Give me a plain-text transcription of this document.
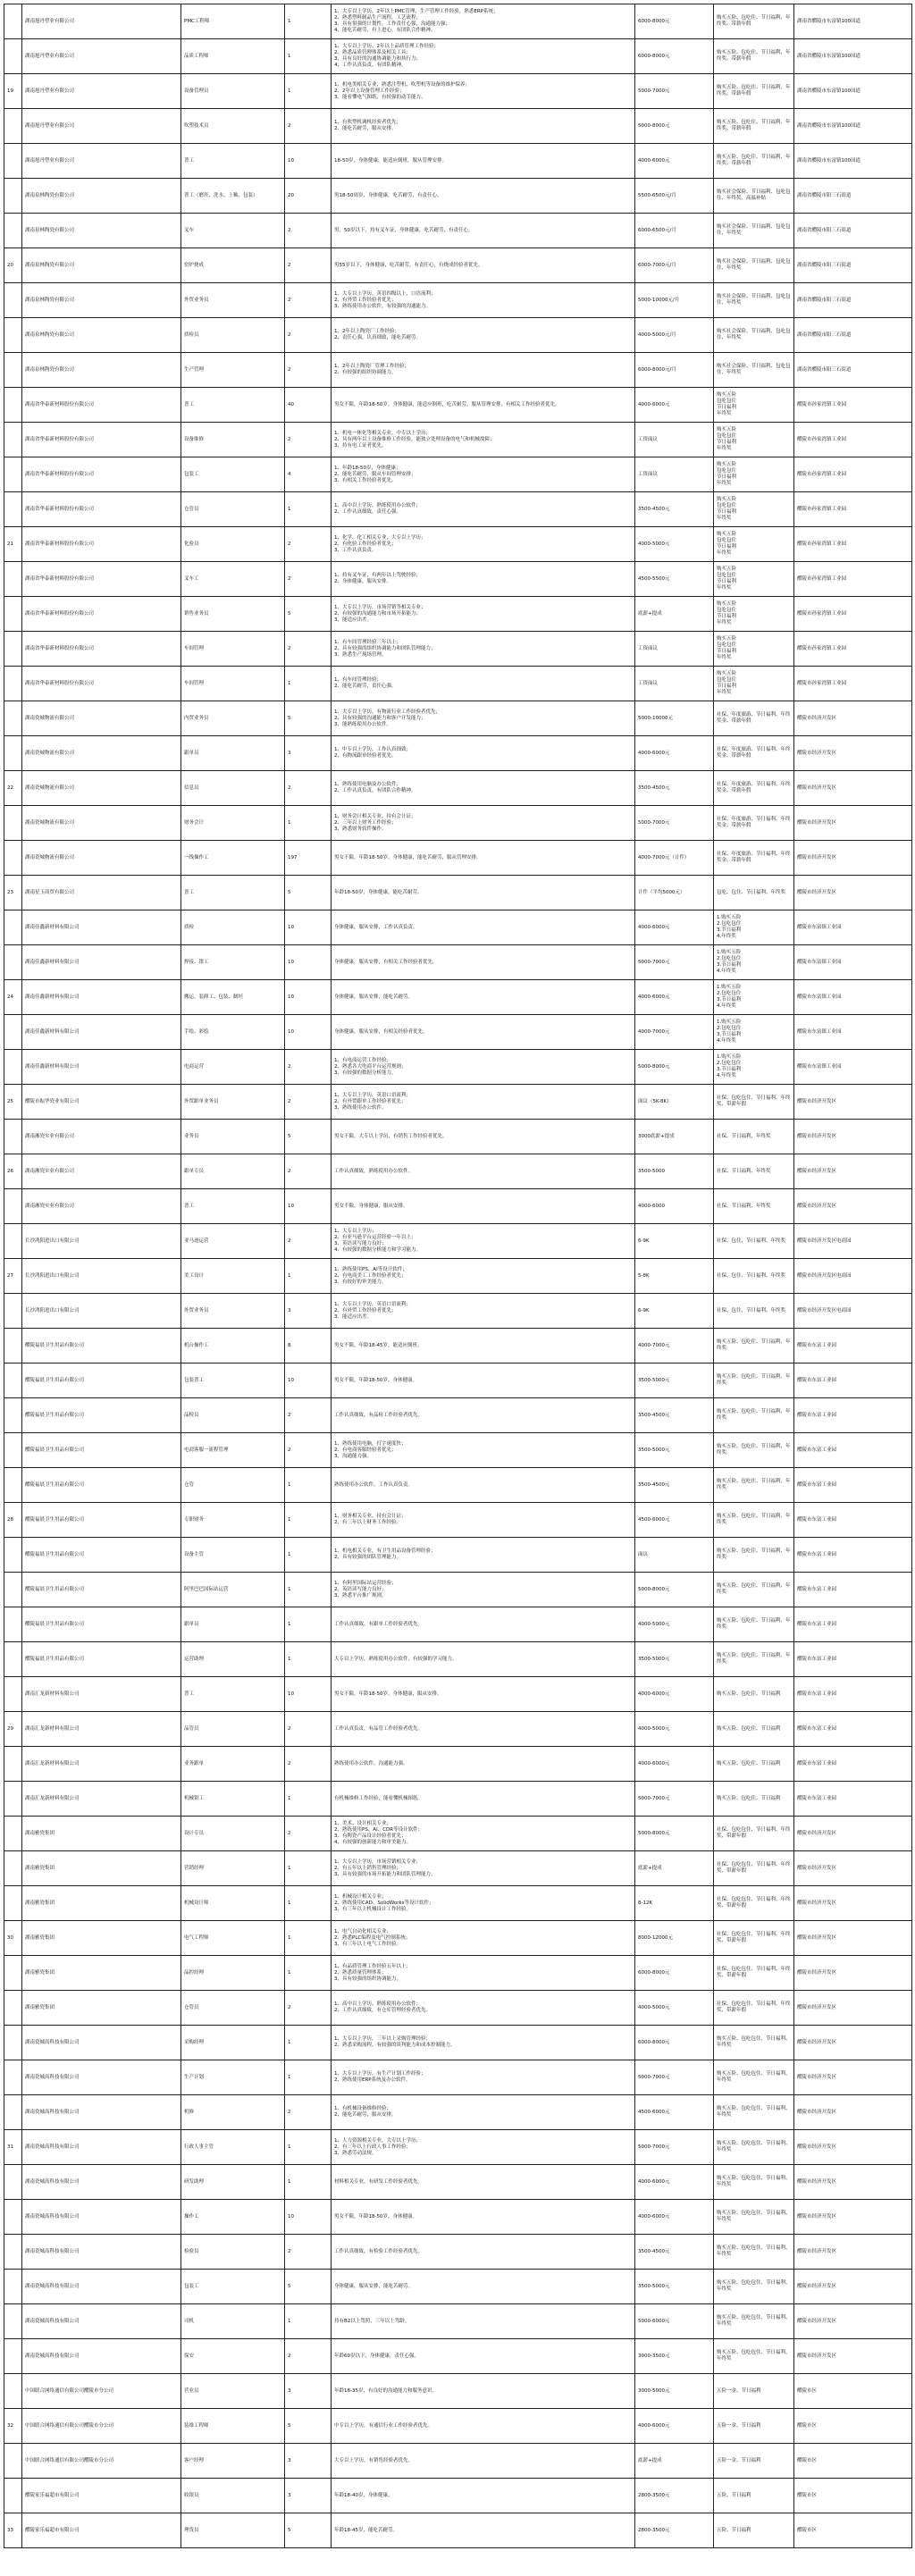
	湖南旭丹塑业有限公司	PMC工程师	1	1、大专以上学历，2年以上PMC管理、生产管理工作经验，熟悉ERP系统；
2、熟悉塑料制品生产流程、工艺流程；
3、具有很强的计划性，工作责任心强，沟通能力强；
4、能吃苦耐劳，有上进心，有团队合作精神。	6000-8000元	购买五险、包吃住、节日福利、年终奖、带薪年假	湖南省醴陵市东富镇100国道
	湖南旭丹塑业有限公司	品质工程师	1	1、大专以上学历，2年以上品质管理工作经验；
2、熟悉品质管理体系及相关工具；
3、具有良好的沟通协调能力和执行力；
4、工作认真负责，有团队精神。	6000-8000元	购买五险、包吃住、节日福利、年终奖、带薪年假	湖南省醴陵市东富镇100国道
19	湖南旭丹塑业有限公司	设备管理员	1	1、机电类相关专业，熟悉注塑机、吹塑机等设备的维护保养；
2、2年以上设备管理工作经验；
3、能看懂电气图纸，有较强的动手能力。	5000-7000元	购买五险、包吃住、节日福利、年终奖、带薪年假	湖南省醴陵市东富镇100国道
	湖南旭丹塑业有限公司	吹塑技术员	2	1、有吹塑机调机经验者优先；
2、能吃苦耐劳，服从安排。	5000-8000元	购买五险、包吃住、节日福利、年终奖、带薪年假	湖南省醴陵市东富镇100国道
	湖南旭丹塑业有限公司	普工	10	18-50岁，身体健康，能适应倒班，服从管理安排。	4000-6000元	购买五险、包吃住、节日福利、年终奖、带薪年假	湖南省醴陵市东富镇100国道
	湖南泉林陶瓷有限公司	普工（磨坯、洗水、上釉、包装）	20	男18-50周岁，身体健康，吃苦耐劳，有责任心。	5500-6500元/月	购买社会保险、节日福利、包吃包住、年终奖、高温补贴	湖南省醴陵市阳三石街道
	湖南泉林陶瓷有限公司	叉车	2	男，50岁以下，持有叉车证，身体健康，吃苦耐劳，有责任心。	6000-6500元/月	购买社会保险、节日福利、包吃包住、年终奖	湖南省醴陵市阳三石街道
20	湖南泉林陶瓷有限公司	窑炉烧成	2	男55岁以下，身体健康，吃苦耐劳，有责任心，有烧成经验者优先。	6000-7000元/月	购买社会保险、节日福利、包吃包住、年终奖	湖南省醴陵市阳三石街道
	湖南泉林陶瓷有限公司	外贸业务员	2	1、大专以上学历，英语四级以上，口语流利；
2、有外贸工作经验者优先；
3、熟练使用办公软件，有较强的沟通能力。	5000-10000元/月	购买社会保险、节日福利、包吃包住、年终奖	湖南省醴陵市阳三石街道
	湖南泉林陶瓷有限公司	质检员	2	1、2年以上陶瓷厂工作经验；
2、责任心强，认真细致，能吃苦耐劳。	4000-5000元/月	购买社会保险、节日福利、包吃包住、年终奖	湖南省醴陵市阳三石街道
	湖南泉林陶瓷有限公司	生产管理	2	1、2年以上陶瓷厂管理工作经验；
2、有较强的组织协调能力。	6000-8000元/月	购买社会保险、节日福利、包吃包住、年终奖	湖南省醴陵市阳三石街道
	湖南省华泰新材料股份有限公司	普工	40	男女不限，年龄18-50岁，身体健康，能适应倒班，吃苦耐劳，服从管理安排，有相关工作经验者优先。	4000-6000元	购买五险
包吃包住
节日福利
年终奖	醴陵市孙家湾镇工业园
	湖南省华泰新材料股份有限公司	设备维修	2	1、机电一体化等相关专业，中专以上学历；
2、具有两年以上设备维修工作经验，能独立处理设备的电气和机械故障；
3、持有电工证者优先。	工资面议	购买五险
包吃包住
节日福利
年终奖	醴陵市孙家湾镇工业园
	湖南省华泰新材料股份有限公司	包装工	4	1、年龄18-50岁，身体健康；
2、能吃苦耐劳，服从车间管理安排；
3、有相关工作经验者优先。	工资面议	购买五险
包吃包住
节日福利
年终奖	醴陵市孙家湾镇工业园
	湖南省华泰新材料股份有限公司	仓管员	1	1、高中以上学历，熟练使用办公软件；
2、工作认真细致，责任心强。	3500-4500元	购买五险
包吃包住
节日福利
年终奖	醴陵市孙家湾镇工业园
21	湖南省华泰新材料股份有限公司	化验员	2	1、化学、化工相关专业，大专以上学历；
2、有化验工作经验者优先；
3、工作认真负责。	4000-5000元	购买五险
包吃包住
节日福利
年终奖	醴陵市孙家湾镇工业园
	湖南省华泰新材料股份有限公司	叉车工	2	1、持有叉车证，有两年以上驾驶经验；
2、身体健康，服从安排。	4500-5500元	购买五险
包吃包住
节日福利
年终奖	醴陵市孙家湾镇工业园
	湖南省华泰新材料股份有限公司	销售业务员	5	1、大专以上学历，市场营销等相关专业；
2、有较强的沟通能力和市场开拓能力；
3、能适应出差。	底薪+提成	购买五险
包吃包住
节日福利
年终奖	醴陵市孙家湾镇工业园
	湖南省华泰新材料股份有限公司	车间管理	2	1、有车间管理经验三年以上；
2、具有较强的组织协调能力和团队管理能力；
3、熟悉生产现场管理。	工资面议	购买五险
包吃包住
节日福利
年终奖	醴陵市孙家湾镇工业园
	湖南省华泰新材料股份有限公司	车间管理	1	1、有车间管理经验；
2、能吃苦耐劳，责任心强。	工资面议	购买五险
包吃包住
节日福利
年终奖	醴陵市孙家湾镇工业园
	湖南瓷城物流有限公司	内贸业务员	5	1、大专以上学历，有物流行业工作经验者优先；
2、具有较强的沟通能力和客户开发能力；
3、能熟练使用办公软件。	5000-10000元	社保、年度旅游、节日福利、年终奖金、带薪年假	醴陵市经济开发区
	湖南瓷城物流有限公司	跟单员	3	1、中专以上学历，工作认真细致；
2、有物流跟单经验者优先。	4000-6000元	社保、年度旅游、节日福利、年终奖金、带薪年假	醴陵市经济开发区
22	湖南瓷城物流有限公司	信息员	2	1、熟练使用电脑及办公软件；
2、工作认真负责，有团队合作精神。	3500-4500元	社保、年度旅游、节日福利、年终奖金、带薪年假	醴陵市经济开发区
	湖南瓷城物流有限公司	财务会计	1	1、财务会计相关专业，持有会计证；
2、三年以上财务工作经验；
3、熟悉财务软件操作。	5000-7000元	社保、年度旅游、节日福利、年终奖金、带薪年假	醴陵市经济开发区
	湖南瓷城物流有限公司	一线操作工	197	男女不限，年龄18-50岁，身体健康，能吃苦耐劳，服从管理安排。	4000-7000元（计件）	社保、年度旅游、节日福利、年终奖金、带薪年假	醴陵市经济开发区
23	湖南星玉商贸有限公司	普工	5	年龄18-50岁，身体健康，能吃苦耐劳。	计件（平均5000元）	包吃、包住、节日福利、年终奖	醴陵市经济开发区
	湖南佳鑫新材料有限公司	质检	10	身体健康，服从安排，工作认真负责。	4000-6000元	1.购买五险
2.包吃包住
3.节日福利
4.年终奖	醴陵市东富镇工业园
	湖南佳鑫新材料有限公司	焊接、钳工	10	身体健康，服从安排，有相关工作经验者优先。	5000-7000元	1.购买五险
2.包吃包住
3.节日福利
4.年终奖	醴陵市东富镇工业园
24	湖南佳鑫新材料有限公司	搬运、装卸工、包装、制坯	10	身体健康，服从安排，能吃苦耐劳。	4000-6000元	1.购买五险
2.包吃包住
3.节日福利
4.年终奖	醴陵市东富镇工业园
	湖南佳鑫新材料有限公司	手绘、彩绘	10	身体健康，服从安排，有相关经验者优先。	4000-7000元	1.购买五险
2.包吃包住
3.节日福利
4.年终奖	醴陵市东富镇工业园
	湖南佳鑫新材料有限公司	电商运营	2	1、有电商运营工作经验；
2、熟悉各大电商平台运营规则；
3、有较强的数据分析能力。	5000-8000元	1.购买五险
2.包吃包住
3.节日福利
4.年终奖	醴陵市东富镇工业园
25	醴陵市振华瓷业有限公司	外贸跟单业务员	2	1、大专以上学历，英语口语流利；
2、有外贸跟单工作经验者优先；
3、熟练使用办公软件。	面议（5K-8K）	社保、包吃包住、节日福利、年终奖、带薪年假	醴陵市经济开发区
	湖南湘瓷实业有限公司	业务员	5	男女不限，大专以上学历，有销售工作经验者优先。	3000底薪+提成	社保、节日福利、年终奖	醴陵市经济开发区
26	湖南湘瓷实业有限公司	跟单专员	2	工作认真细致，熟练使用办公软件。	3500-5000	社保、节日福利、年终奖	醴陵市经济开发区
	湖南湘瓷实业有限公司	普工	10	男女不限，身体健康，服从安排。	4000-6000	社保、节日福利、年终奖	醴陵市经济开发区
	长沙鸿阳进出口有限公司	亚马逊运营	2	1、大专以上学历；
2、有亚马逊平台运营经验一年以上；
3、英语读写能力良好；
4、有较强的数据分析能力和学习能力。	6-9K	社保、包住、节日福利、年终奖	醴陵市经济开发区电商园
27	长沙鸿阳进出口有限公司	美工设计	1	1、熟练使用PS、AI等设计软件；
2、有电商美工工作经验者优先；
3、有较好的审美能力。	5-8K	社保、包住、节日福利、年终奖	醴陵市经济开发区电商园
	长沙鸿阳进出口有限公司	外贸业务员	3	1、大专以上学历，英语口语流利；
2、有外贸工作经验者优先；
3、能适应出差。	6-9K	社保、包住、节日福利、年终奖	醴陵市经济开发区电商园
	醴陵福晨卫生用品有限公司	机台操作工	8	男女不限，年龄18-45岁，能适应倒班。	4000-7000元	购买五险、包吃住、节日福利、年终奖	醴陵市东富工业园
	醴陵福晨卫生用品有限公司	包装普工	10	男女不限，年龄18-50岁，身体健康。	3500-5000元	购买五险、包吃住、节日福利、年终奖	醴陵市东富工业园
	醴陵福晨卫生用品有限公司	品检员	2	工作认真细致，有品检工作经验者优先。	3500-4500元	购买五险、包吃住、节日福利、年终奖	醴陵市东富工业园
	醴陵福晨卫生用品有限公司	电商客服一流程管理	2	1、熟练使用电脑，打字速度快；
2、有电商客服经验者优先；
3、沟通能力强。	3500-5000元	购买五险、包吃住、节日福利、年终奖	醴陵市东富工业园
	醴陵福晨卫生用品有限公司	仓管	1	熟练使用办公软件，工作认真负责。	3500-4500元	购买五险、包吃住、节日福利、年终奖	醴陵市东富工业园
28	醴陵福晨卫生用品有限公司	专职财务	1	1、财务相关专业，持有会计证；
2、有三年以上财务工作经验。	4500-6000元	购买五险、包吃住、节日福利、年终奖	醴陵市东富工业园
	醴陵福晨卫生用品有限公司	设备主管	1	1、机电相关专业，有卫生用品设备管理经验；
2、具有较强的团队管理能力。	面议	购买五险、包吃住、节日福利、年终奖	醴陵市东富工业园
	醴陵福晨卫生用品有限公司	阿里巴巴国际站运营	1	1、有阿里国际站运营经验；
2、英语读写能力良好；
3、熟悉平台推广规则。	5000-8000元	购买五险、包吃住、节日福利、年终奖	醴陵市东富工业园
	醴陵福晨卫生用品有限公司	跟单员	1	工作认真细致，有跟单工作经验者优先。	4000-5000元	购买五险、包吃住、节日福利、年终奖	醴陵市东富工业园
	醴陵福晨卫生用品有限公司	运营助理	1	大专以上学历，熟练使用办公软件，有较强的学习能力。	3500-5000元	购买五险、包吃住、节日福利、年终奖	醴陵市东富工业园
	湖南汇龙新材料有限公司	普工	10	男女不限，年龄18-50岁，身体健康，服从安排。	4000-6000元	购买五险、包吃住、节日福利	醴陵市东富工业园
29	湖南汇龙新材料有限公司	品管员	2	工作认真负责，有品管工作经验者优先。	4000-5000元	购买五险、包吃住、节日福利	醴陵市东富工业园
	湖南汇龙新材料有限公司	业务跟单	2	熟练使用办公软件，沟通能力强。	4000-6000元	购买五险、包吃住、节日福利	醴陵市东富工业园
	湖南汇龙新材料有限公司	机械钳工	1	有机械维修工作经验，能看懂机械图纸。	5000-7000元	购买五险、包吃住、节日福利	醴陵市东富工业园
	湖南雅瓷集团	设计专员	2	1、美术、设计相关专业；
2、熟练使用PS、AI、CDR等设计软件；
3、有陶瓷产品设计经验者优先；
4、有较强的创新能力和审美能力。	5000-8000元	社保、包吃包住、节日福利、年终奖、带薪年假	醴陵市经济开发区
	湖南雅瓷集团	营销经理	1	1、大专以上学历，市场营销相关专业；
2、有五年以上销售管理经验；
3、具有较强的市场开拓能力和团队管理能力。	底薪+提成	社保、包吃包住、节日福利、年终奖、带薪年假	醴陵市经济开发区
	湖南雅瓷集团	机械设计师	1	1、机械设计相关专业；
2、熟练使用CAD、SolidWorks等设计软件；
3、有三年以上机械设计工作经验。	8-12K	社保、包吃包住、节日福利、年终奖、带薪年假	醴陵市经济开发区
30	湖南雅瓷集团	电气工程师	1	1、电气自动化相关专业；
2、熟悉PLC编程及电气控制系统；
3、有三年以上电气工作经验。	8000-12000元	社保、包吃包住、节日福利、年终奖、带薪年假	醴陵市经济开发区
	湖南雅瓷集团	品控经理	1	1、有品质管理工作经验五年以上；
2、熟悉质量管理体系；
3、具有较强的组织协调能力。	6000-8000元	社保、包吃包住、节日福利、年终奖、带薪年假	醴陵市经济开发区
	湖南雅瓷集团	仓管员	2	1、高中以上学历，熟练使用办公软件；
2、工作认真细致，有仓库管理经验者优先。	4000-5000元	社保、包吃包住、节日福利、年终奖、带薪年假	醴陵市经济开发区
	湖南瓷城高科技有限公司	采购经理	1	1、大专以上学历，三年以上采购管理经验；
2、熟悉采购流程，有较强的谈判能力和成本控制能力。	6000-8000元	购买五险、包吃包住、节日福利、年终奖	醴陵市经济开发区
	湖南瓷城高科技有限公司	生产计划	1	1、大专以上学历，有生产计划工作经验；
2、熟练使用ERP系统及办公软件。	5000-7000元	购买五险、包吃包住、节日福利、年终奖	醴陵市经济开发区
	湖南瓷城高科技有限公司	机修	2	1、有机械设备维修经验；
2、能吃苦耐劳，服从安排。	4500-6000元	购买五险、包吃包住、节日福利、年终奖	醴陵市经济开发区
31	湖南瓷城高科技有限公司	行政人事主管	1	1、人力资源相关专业，大专以上学历；
2、有三年以上行政人事工作经验；
3、熟悉劳动法规。	5000-7000元	购买五险、包吃包住、节日福利、年终奖	醴陵市经济开发区
	湖南瓷城高科技有限公司	研发助理	1	材料相关专业，有研发工作经验者优先。	4000-6000元	购买五险、包吃包住、节日福利、年终奖	醴陵市经济开发区
	湖南瓷城高科技有限公司	操作工	10	男女不限，年龄18-50岁，身体健康。	4000-6000元	购买五险、包吃包住、节日福利、年终奖	醴陵市经济开发区
	湖南瓷城高科技有限公司	检验员	2	工作认真细致，有检验工作经验者优先。	3500-4500元	购买五险、包吃包住、节日福利、年终奖	醴陵市经济开发区
	湖南瓷城高科技有限公司	包装工	5	身体健康，服从安排，能吃苦耐劳。	3500-5000元	购买五险、包吃包住、节日福利、年终奖	醴陵市经济开发区
	湖南瓷城高科技有限公司	司机	1	持有B2以上驾照，三年以上驾龄。	5000-6000元	购买五险、包吃包住、节日福利、年终奖	醴陵市经济开发区
	湖南瓷城高科技有限公司	保安	2	年龄60岁以下，身体健康，责任心强。	3000-3500元	购买五险、包吃包住、节日福利、年终奖	醴陵市经济开发区
	中国联合网络通信有限公司醴陵市分公司	营业员	3	年龄18-35岁，有良好的沟通能力和服务意识。	3000-5000元	五险一金、节日福利	醴陵市区
32	中国联合网络通信有限公司醴陵市分公司	装维工程师	5	中专以上学历，有通信行业工作经验者优先。	4000-6000元	五险一金、节日福利	醴陵市区
	中国联合网络通信有限公司醴陵市分公司	客户经理	3	大专以上学历，有销售经验者优先。	底薪+提成	五险一金、节日福利	醴陵市区
	醴陵家乐福超市有限公司	收银员	3	年龄18-40岁，身体健康。	2800-3500元	五险、节日福利	醴陵市区
33	醴陵家乐福超市有限公司	理货员	5	年龄18-45岁，能吃苦耐劳。	2800-3500元	五险、节日福利	醴陵市区
